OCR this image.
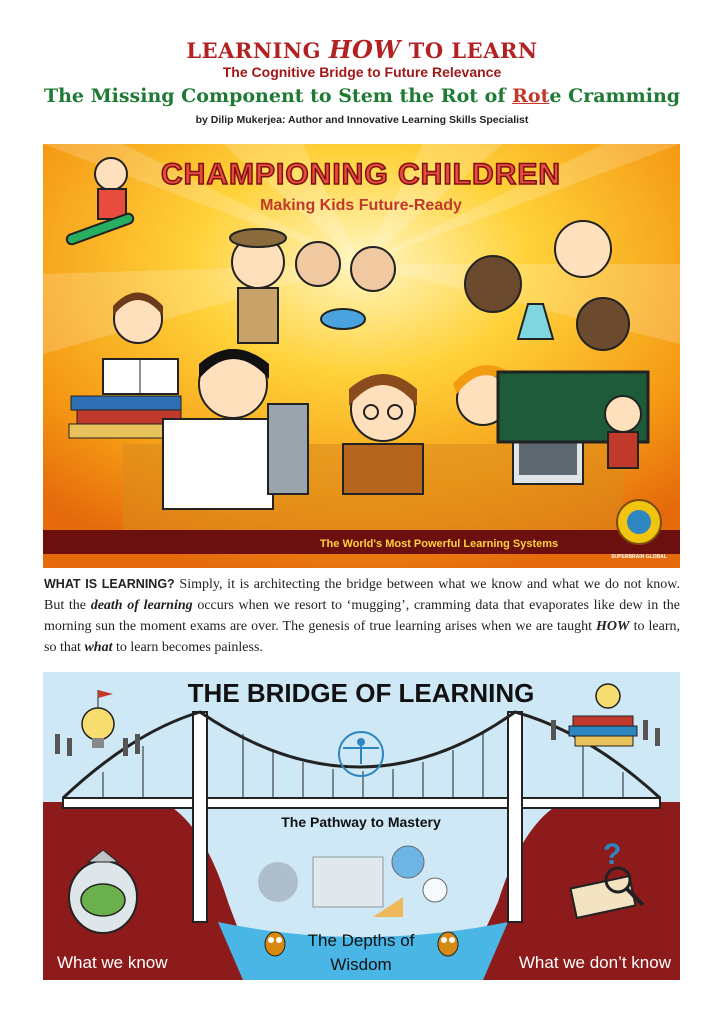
LEARNING HOW TO LEARN
The Cognitive Bridge to Future Relevance
The Missing Component to Stem the Rot of Rote Cramming
by Dilip Mukerjea: Author and Innovative Learning Skills Specialist
CHAMPIONING CHILDREN
Making Kids Future-Ready
The World's Most Powerful Learning Systems
SUPERBRAIN GLOBAL
WHAT IS LEARNING? Simply, it is architecting the bridge between what we know and what we do not know. But the death of learning occurs when we resort to ‘mugging’, cramming data that evaporates like dew in the morning sun the moment exams are over. The genesis of true learning arises when we are taught HOW to learn, so that what to learn becomes painless.
?
THE BRIDGE OF LEARNING
The Pathway to Mastery
The Depths of
Wisdom
What we know	What we don’t know
